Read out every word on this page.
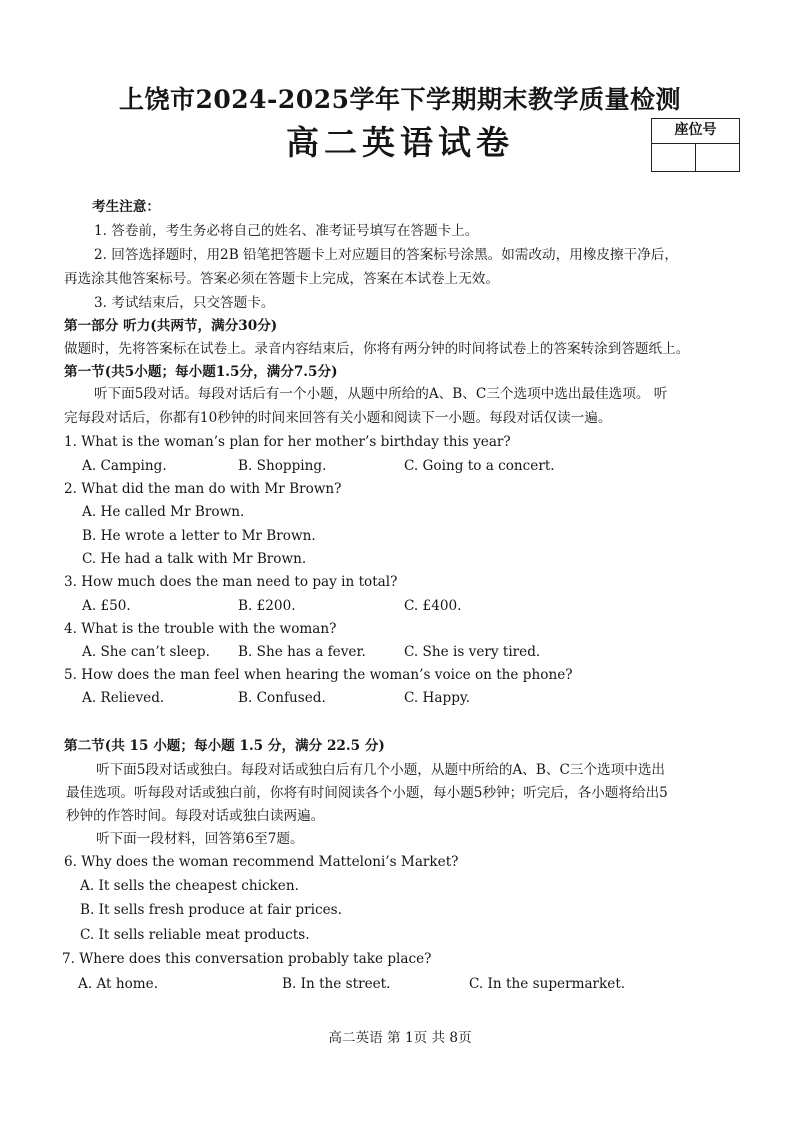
上饶市2024-2025学年下学期期末教学质量检测
高二英语试卷	座位号
考生注意：
1. 答卷前，考生务必将自己的姓名、准考证号填写在答题卡上。
2. 回答选择题时，用2B 铅笔把答题卡上对应题目的答案标号涂黑。如需改动，用橡皮擦干净后，
再选涂其他答案标号。答案必须在答题卡上完成，答案在本试卷上无效。
3. 考试结束后，只交答题卡。
第一部分 听力(共两节，满分30分)
做题时，先将答案标在试卷上。录音内容结束后，你将有两分钟的时间将试卷上的答案转涂到答题纸上。
第一节(共5小题；每小题1.5分，满分7.5分)
听下面5段对话。每段对话后有一个小题，从题中所给的A、B、C三个选项中选出最佳选项。 听
完每段对话后，你都有10秒钟的时间来回答有关小题和阅读下一小题。每段对话仅读一遍。
1. What is the woman’s plan for her mother’s birthday this year?
A. Camping.	B. Shopping.	C. Going to a concert.
2. What did the man do with Mr Brown?
A. He called Mr Brown.
B. He wrote a letter to Mr Brown.
C. He had a talk with Mr Brown.
3. How much does the man need to pay in total?
A. £50.	B. £200.	C. £400.
4. What is the trouble with the woman?
A. She can’t sleep. B. She has a fever.	C. She is very tired.
5. How does the man feel when hearing the woman’s voice on the phone?
A. Relieved.	B. Confused.	C. Happy.
第二节(共 15 小题；每小题 1.5 分，满分 22.5 分)
听下面5段对话或独白。每段对话或独白后有几个小题，从题中所给的A、B、C三个选项中选出
最佳选项。听每段对话或独白前，你将有时间阅读各个小题，每小题5秒钟；听完后，各小题将给出5
秒钟的作答时间。每段对话或独白读两遍。
听下面一段材料，回答第6至7题。
6. Why does the woman recommend Matteloni’s Market?
A. It sells the cheapest chicken.
B. It sells fresh produce at fair prices.
C. It sells reliable meat products.
7. Where does this conversation probably take place?
A. At home.	B. In the street.	C. In the supermarket.
高二英语 第 1页 共 8页
